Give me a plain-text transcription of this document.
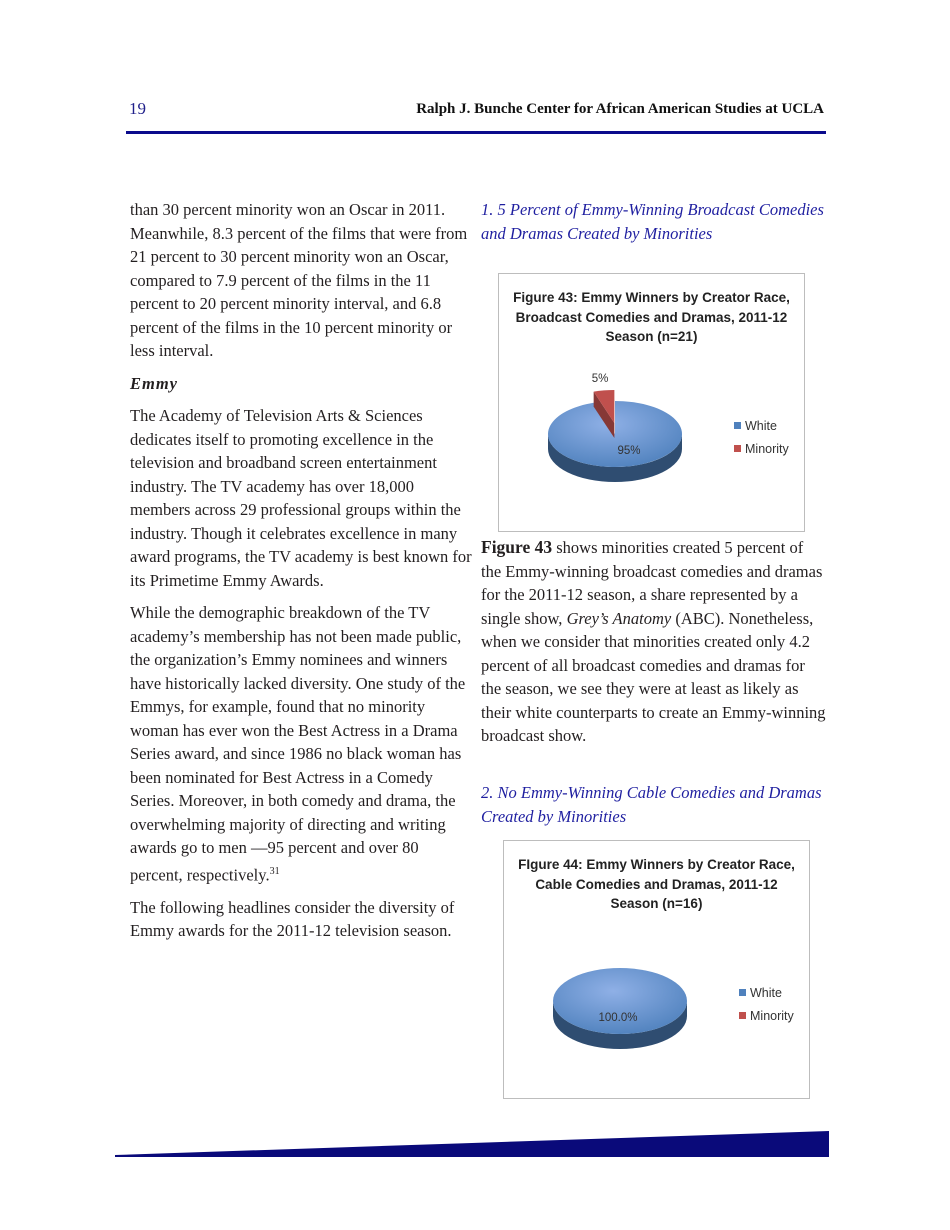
19	Ralph J. Bunche Center for African American Studies at UCLA

than 30 percent minority won an Oscar in 2011. Meanwhile, 8.3 percent of the films that were from 21 percent to 30 percent minority won an Oscar, compared to 7.9 percent of the films in the 11 percent to 20 percent minority interval, and 6.8 percent of the films in the 10 percent minority or less interval.

Emmy

The Academy of Television Arts & Sciences dedicates itself to promoting excellence in the television and broadband screen entertainment industry. The TV academy has over 18,000 members across 29 professional groups within the industry. Though it celebrates excellence in many award programs, the TV academy is best known for its Primetime Emmy Awards.

While the demographic breakdown of the TV academy’s membership has not been made public, the organization’s Emmy nominees and winners have historically lacked diversity. One study of the Emmys, for example, found that no minority woman has ever won the Best Actress in a Drama Series award, and since 1986 no black woman has been nominated for Best Actress in a Comedy Series. Moreover, in both comedy and drama, the overwhelming majority of directing and writing awards go to men —95 percent and over 80 percent, respectively.$^{31}$

The following headlines consider the diversity of Emmy awards for the 2011-12 television season.

1. 5 Percent of Emmy-Winning Broadcast Comedies and Dramas Created by Minorities

Figure 43: Emmy Winners by Creator Race, Broadcast Comedies and Dramas, 2011-12 Season (n=21)
95%
5%
White
Minority
Figure 43 shows minorities created 5 percent of the Emmy-winning broadcast comedies and dramas for the 2011-12 season, a share represented by a single show, Grey’s Anatomy (ABC). Nonetheless, when we consider that minorities created only 4.2 percent of all broadcast comedies and dramas for the season, we see they were at least as likely as their white counterparts to create an Emmy-winning broadcast show.

2. No Emmy-Winning Cable Comedies and Dramas Created by Minorities

FIgure 44: Emmy Winners by Creator Race, Cable Comedies and Dramas, 2011-12 Season (n=16)
100.0%
White
Minority
